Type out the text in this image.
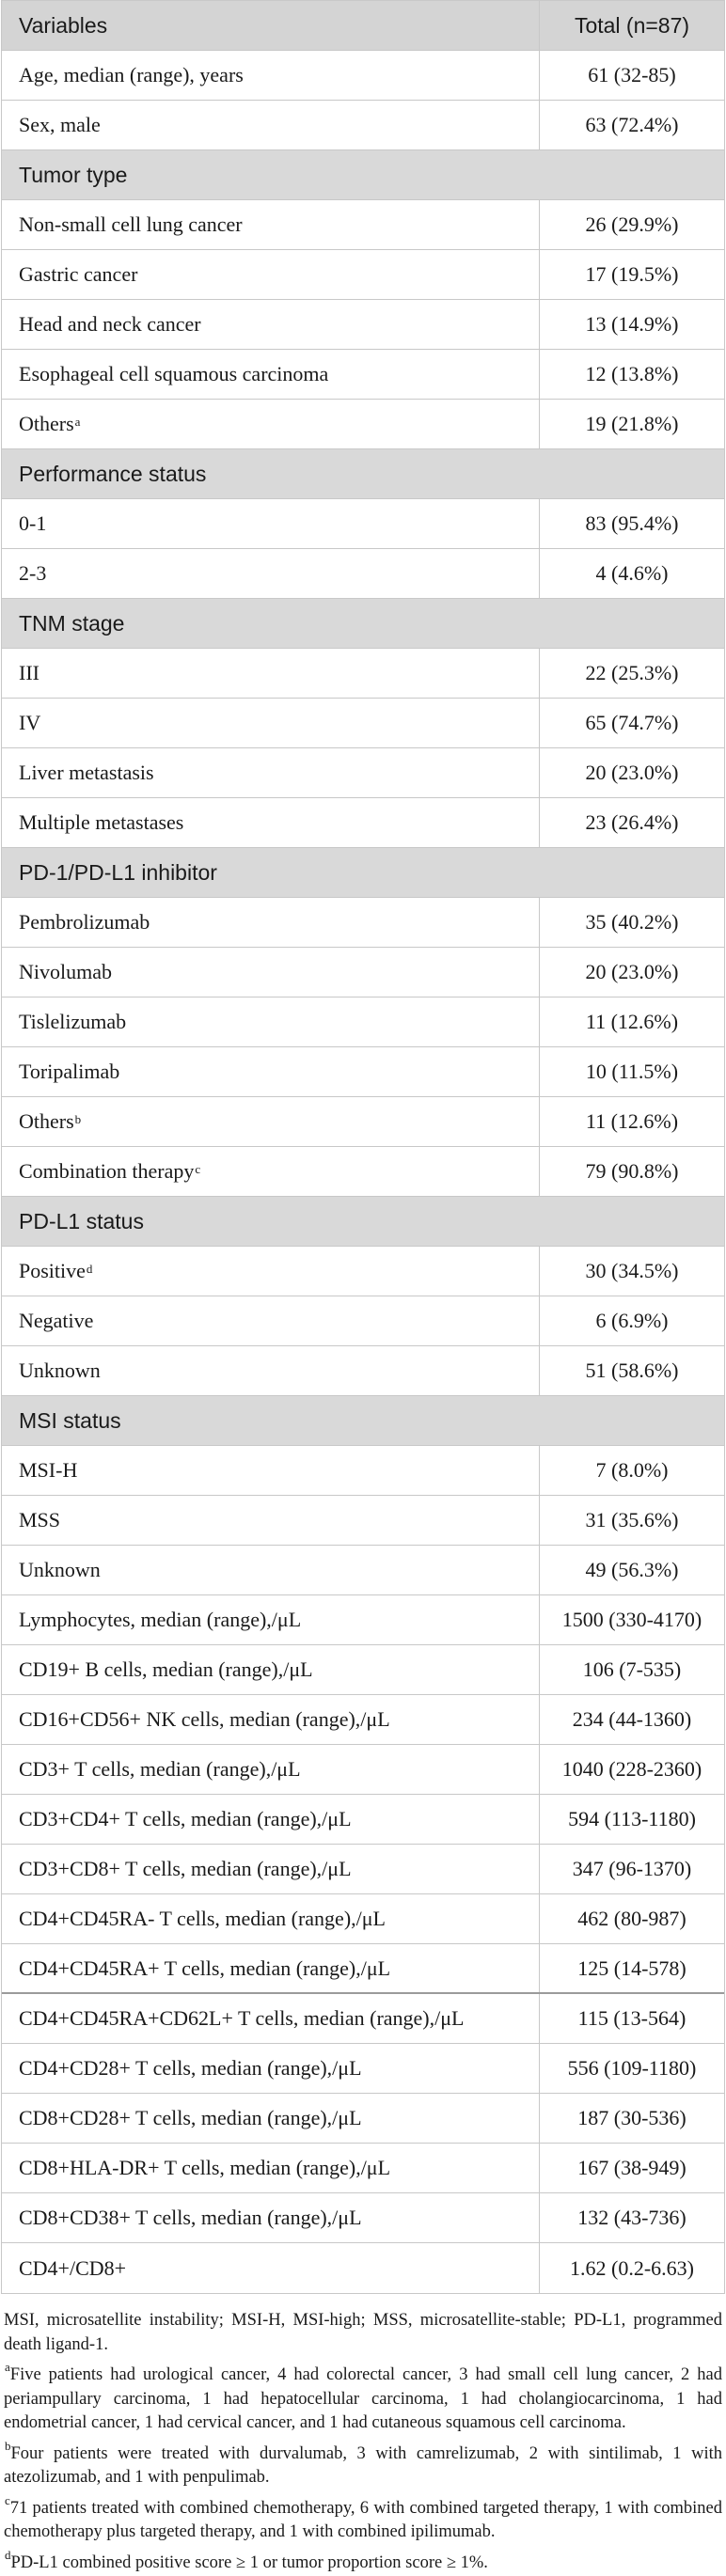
Variables	Total (n=87)
Age, median (range), years	61 (32-85)
Sex, male	63 (72.4%)
Tumor type
Non-small cell lung cancer	26 (29.9%)
Gastric cancer	17 (19.5%)
Head and neck cancer	13 (14.9%)
Esophageal cell squamous carcinoma	12 (13.8%)
Others$^a$	19 (21.8%)
Performance status
0-1	83 (95.4%)
2-3	4 (4.6%)
TNM stage
III	22 (25.3%)
IV	65 (74.7%)
Liver metastasis	20 (23.0%)
Multiple metastases	23 (26.4%)
PD-1/PD-L1 inhibitor
Pembrolizumab	35 (40.2%)
Nivolumab	20 (23.0%)
Tislelizumab	11 (12.6%)
Toripalimab	10 (11.5%)
Others$^b$	11 (12.6%)
Combination therapy$^c$	79 (90.8%)
PD-L1 status
Positive$^d$	30 (34.5%)
Negative	6 (6.9%)
Unknown	51 (58.6%)
MSI status
MSI-H	7 (8.0%)
MSS	31 (35.6%)
Unknown	49 (56.3%)
Lymphocytes, median (range),/μL	1500 (330-4170)
CD19+ B cells, median (range),/μL	106 (7-535)
CD16+CD56+ NK cells, median (range),/μL	234 (44-1360)
CD3+ T cells, median (range),/μL	1040 (228-2360)
CD3+CD4+ T cells, median (range),/μL	594 (113-1180)
CD3+CD8+ T cells, median (range),/μL	347 (96-1370)
CD4+CD45RA- T cells, median (range),/μL	462 (80-987)
CD4+CD45RA+ T cells, median (range),/μL	125 (14-578)
CD4+CD45RA+CD62L+ T cells, median (range),/μL	115 (13-564)
CD4+CD28+ T cells, median (range),/μL	556 (109-1180)
CD8+CD28+ T cells, median (range),/μL	187 (30-536)
CD8+HLA-DR+ T cells, median (range),/μL	167 (38-949)
CD8+CD38+ T cells, median (range),/μL	132 (43-736)
CD4+/CD8+	1.62 (0.2-6.63)

MSI, microsatellite instability; MSI-H, MSI-high; MSS, microsatellite-stable; PD-L1, programmed death ligand-1.

$^a$Five patients had urological cancer, 4 had colorectal cancer, 3 had small cell lung cancer, 2 had periampullary carcinoma, 1 had hepatocellular carcinoma, 1 had cholangiocarcinoma, 1 had endometrial cancer, 1 had cervical cancer, and 1 had cutaneous squamous cell carcinoma.

$^b$Four patients were treated with durvalumab, 3 with camrelizumab, 2 with sintilimab, 1 with atezolizumab, and 1 with penpulimab.

$^c$71 patients treated with combined chemotherapy, 6 with combined targeted therapy, 1 with combined chemotherapy plus targeted therapy, and 1 with combined ipilimumab.

$^d$PD-L1 combined positive score ≥ 1 or tumor proportion score ≥ 1%.
